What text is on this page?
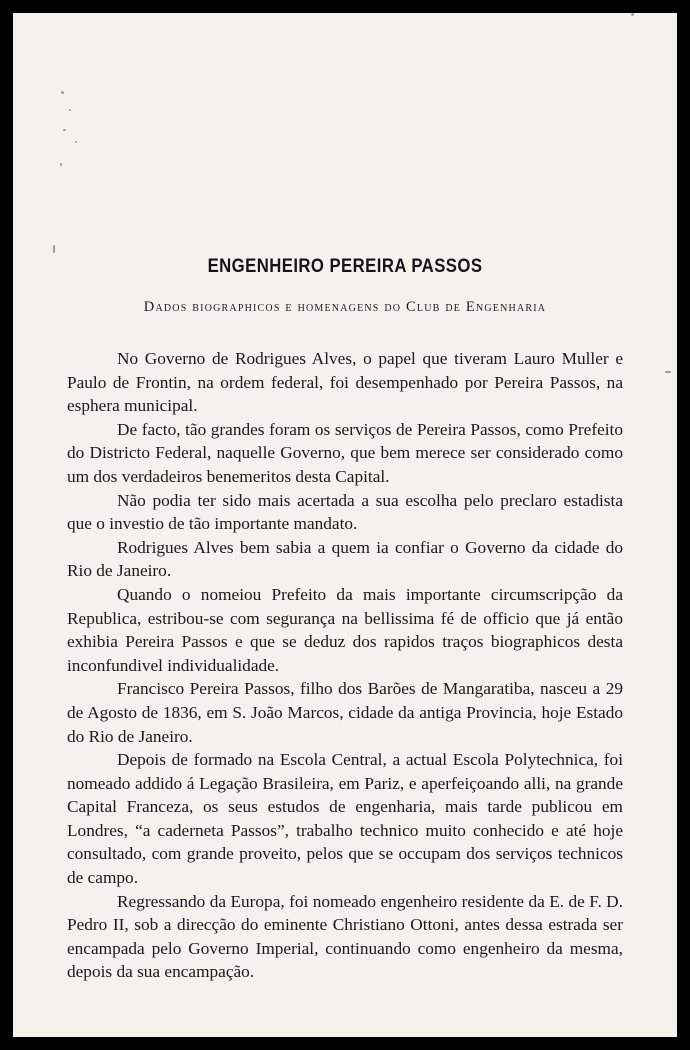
ENGENHEIRO PEREIRA PASSOS
Dados biographicos e homenagens do Club de Engenharia

No Governo de Rodrigues Alves, o papel que tiveram Lauro Muller e Paulo de Frontin, na ordem federal, foi desempenhado por Pereira Passos, na esphera municipal.

De facto, tão grandes foram os serviços de Pereira Passos, como Prefeito do Districto Federal, naquelle Governo, que bem merece ser considerado como um dos verdadeiros benemeritos desta Capital.

Não podia ter sido mais acertada a sua escolha pelo preclaro estadista que o investio de tão importante mandato.

Rodrigues Alves bem sabia a quem ia confiar o Governo da cidade do Rio de Janeiro.

Quando o nomeiou Prefeito da mais importante circumscripção da Republica, estribou-se com segurança na bellissima fé de officio que já então exhibia Pereira Passos e que se deduz dos rapidos traços biographicos desta inconfundivel individualidade.

Francisco Pereira Passos, filho dos Barões de Mangaratiba, nasceu a 29 de Agosto de 1836, em S. João Marcos, cidade da antiga Provincia, hoje Estado do Rio de Janeiro.

Depois de formado na Escola Central, a actual Escola Polytechnica, foi nomeado addido á Legação Brasileira, em Pariz, e aperfeiçoando alli, na grande Capital Franceza, os seus estudos de engenharia, mais tarde publicou em Londres, “a caderneta Passos”, trabalho technico muito conhecido e até hoje consultado, com grande proveito, pelos que se occupam dos serviços technicos de campo.

Regressando da Europa, foi nomeado engenheiro residente da E. de F. D. Pedro II, sob a direcção do eminente Christiano Ottoni, antes dessa estrada ser encampada pelo Governo Imperial, continuando como engenheiro da mesma, depois da sua encampação.
